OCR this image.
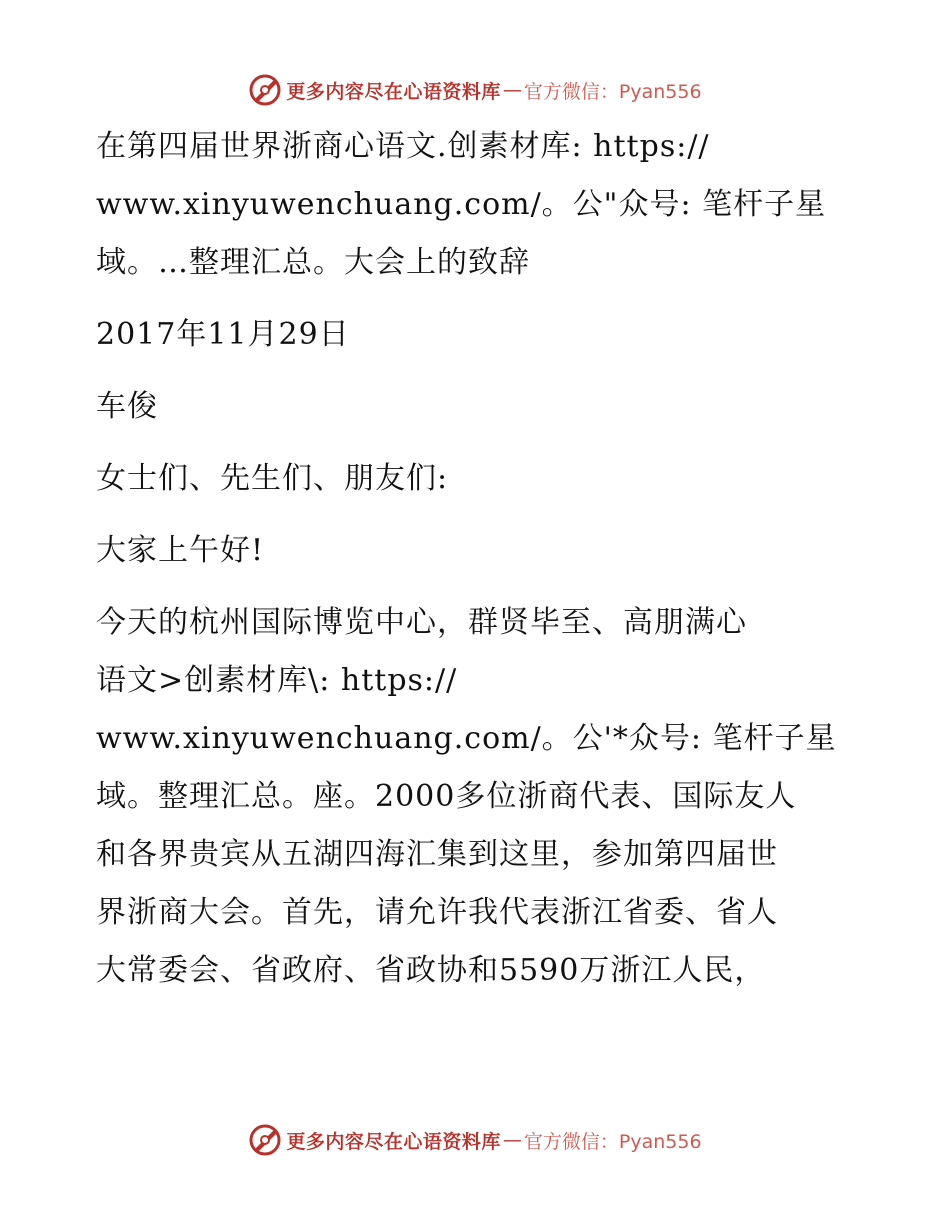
更多内容尽在心语资料库 — 官方微信：Pyan556

在第四届世界浙商心语文.创素材库: https://
www.xinyuwenchuang.com/。公"众号: 笔杆子星
域。…整理汇总。大会上的致辞

2017年11月29日

车俊

女士们、先生们、朋友们:

大家上午好!

今天的杭州国际博览中心，群贤毕至、高朋满心
语文>创素材库\: https://
www.xinyuwenchuang.com/。公'*众号: 笔杆子星
域。整理汇总。座。2000多位浙商代表、国际友人
和各界贵宾从五湖四海汇集到这里，参加第四届世
界浙商大会。首先，请允许我代表浙江省委、省人
大常委会、省政府、省政协和5590万浙江人民，

更多内容尽在心语资料库 — 官方微信：Pyan556
